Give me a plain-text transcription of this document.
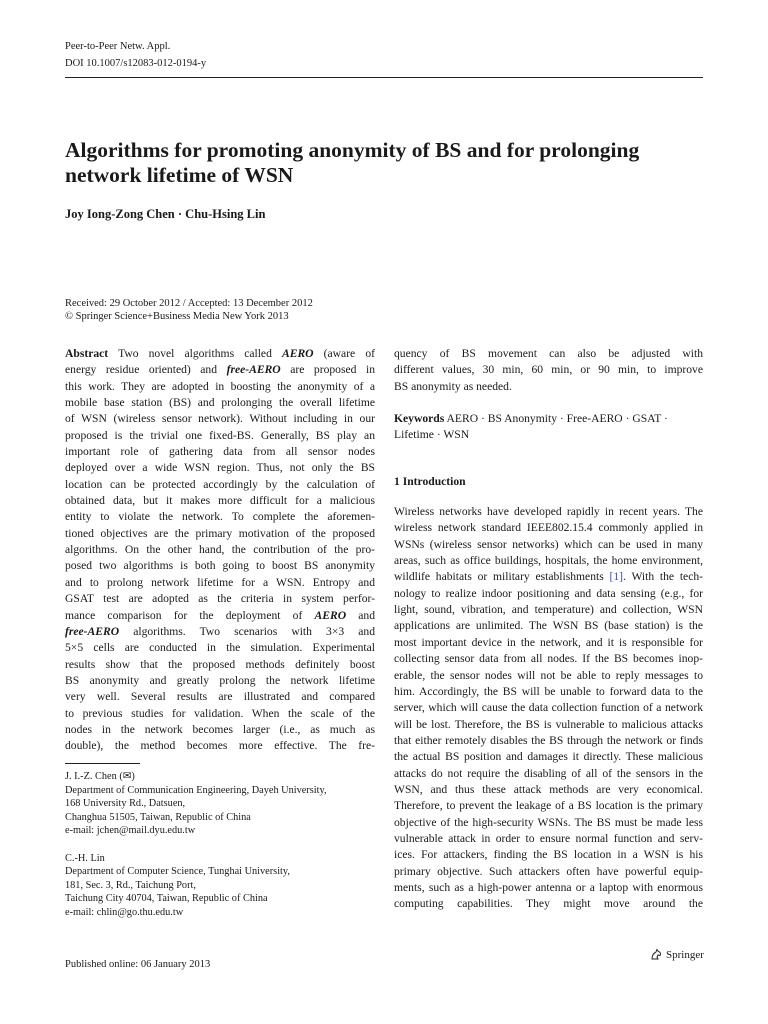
Peer-to-Peer Netw. Appl.
DOI 10.1007/s12083-012-0194-y
Algorithms for promoting anonymity of BS and for prolonging
network lifetime of WSN
Joy Iong-Zong Chen · Chu-Hsing Lin
Received: 29 October 2012 / Accepted: 13 December 2012
© Springer Science+Business Media New York 2013
Abstract Two novel algorithms called AERO (aware of
energy residue oriented) and free-AERO are proposed in
this work. They are adopted in boosting the anonymity of a
mobile base station (BS) and prolonging the overall lifetime
of WSN (wireless sensor network). Without including in our
proposed is the trivial one fixed-BS. Generally, BS play an
important role of gathering data from all sensor nodes
deployed over a wide WSN region. Thus, not only the BS
location can be protected accordingly by the calculation of
obtained data, but it makes more difficult for a malicious
entity to violate the network. To complete the aforemen-
tioned objectives are the primary motivation of the proposed
algorithms. On the other hand, the contribution of the pro-
posed two algorithms is both going to boost BS anonymity
and to prolong network lifetime for a WSN. Entropy and
GSAT test are adopted as the criteria in system perfor-
mance comparison for the deployment of AERO and
free-AERO algorithms. Two scenarios with 3×3 and
5×5 cells are conducted in the simulation. Experimental
results show that the proposed methods definitely boost
BS anonymity and greatly prolong the network lifetime
very well. Several results are illustrated and compared
to previous studies for validation. When the scale of the
nodes in the network becomes larger (i.e., as much as
double), the method becomes more effective. The fre-
J. I.-Z. Chen (✉)
Department of Communication Engineering, Dayeh University,
168 University Rd., Datsuen,
Changhua 51505, Taiwan, Republic of China
e-mail: jchen@mail.dyu.edu.tw
C.-H. Lin
Department of Computer Science, Tunghai University,
181, Sec. 3, Rd., Taichung Port,
Taichung City 40704, Taiwan, Republic of China
e-mail: chlin@go.thu.edu.tw
quency of BS movement can also be adjusted with
different values, 30 min, 60 min, or 90 min, to improve
BS anonymity as needed.
Keywords AERO · BS Anonymity · Free-AERO · GSAT ·
Lifetime · WSN
1 Introduction
Wireless networks have developed rapidly in recent years. The
wireless network standard IEEE802.15.4 commonly applied in
WSNs (wireless sensor networks) which can be used in many
areas, such as office buildings, hospitals, the home environment,
wildlife habitats or military establishments [1]. With the tech-
nology to realize indoor positioning and data sensing (e.g., for
light, sound, vibration, and temperature) and collection, WSN
applications are unlimited. The WSN BS (base station) is the
most important device in the network, and it is responsible for
collecting sensor data from all nodes. If the BS becomes inop-
erable, the sensor nodes will not be able to reply messages to
him. Accordingly, the BS will be unable to forward data to the
server, which will cause the data collection function of a network
will be lost. Therefore, the BS is vulnerable to malicious attacks
that either remotely disables the BS through the network or finds
the actual BS position and damages it directly. These malicious
attacks do not require the disabling of all of the sensors in the
WSN, and thus these attack methods are very economical.
Therefore, to prevent the leakage of a BS location is the primary
objective of the high-security WSNs. The BS must be made less
vulnerable attack in order to ensure normal function and serv-
ices. For attackers, finding the BS location in a WSN is his
primary objective. Such attackers often have powerful equip-
ments, such as a high-power antenna or a laptop with enormous
computing capabilities. They might move around the
Published online: 06 January 2013
Springer
